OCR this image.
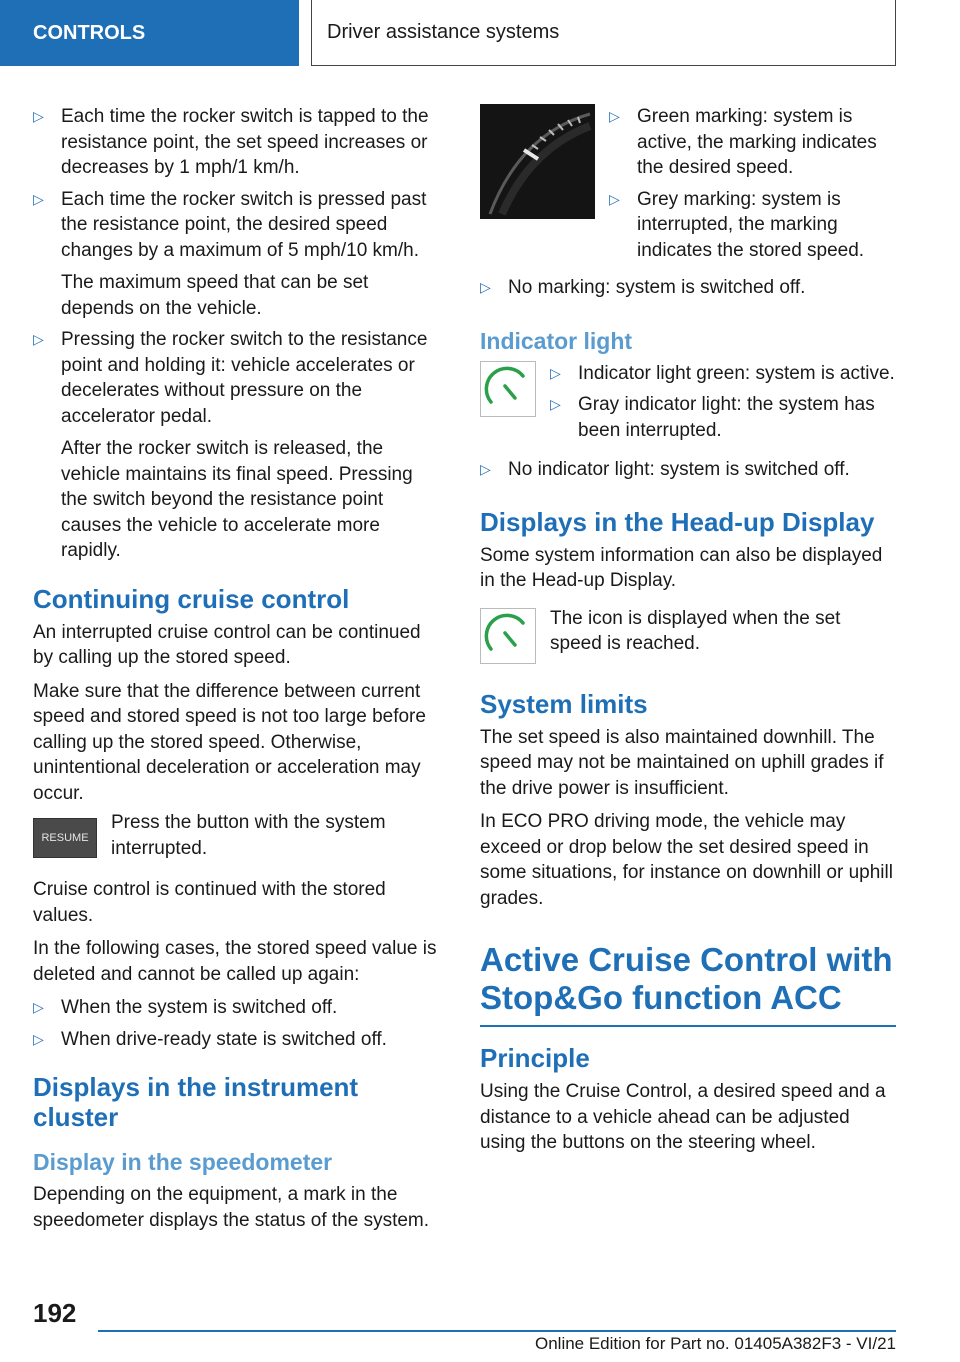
CONTROLS	Driver assistance systems
▷ Each time the rocker switch is tapped to the resistance point, the set speed increases or decreases by 1 mph/1 km/h.
▷ Each time the rocker switch is pressed past the resistance point, the desired speed changes by a maximum of 5 mph/10 km/h.

The maximum speed that can be set depends on the vehicle.

▷ Pressing the rocker switch to the resistance point and holding it: vehicle accelerates or decelerates without pressure on the accelerator pedal.

After the rocker switch is released, the vehicle maintains its final speed. Pressing the switch beyond the resistance point causes the vehicle to accelerate more rapidly.

Continuing cruise control

An interrupted cruise control can be continued by calling up the stored speed.

Make sure that the difference between current speed and stored speed is not too large before calling up the stored speed. Otherwise, unintentional deceleration or acceleration may occur.

RESUME

Press the button with the system interrupted.

Cruise control is continued with the stored values.

In the following cases, the stored speed value is deleted and cannot be called up again:

▷ When the system is switched off.
▷ When drive-ready state is switched off.
Displays in the instrument cluster
Display in the speedometer

Depending on the equipment, a mark in the speedometer displays the status of the system.

▷ Green marking: system is active, the marking indicates the desired speed.
▷ Grey marking: system is interrupted, the marking indicates the stored speed.
▷ No marking: system is switched off.
Indicator light
▷ Indicator light green: system is active.
▷ Gray indicator light: the system has been interrupted.
▷ No indicator light: system is switched off.
Displays in the Head-up Display

Some system information can also be displayed in the Head-up Display.

The icon is displayed when the set speed is reached.

System limits

The set speed is also maintained downhill. The speed may not be maintained on uphill grades if the drive power is insufficient.

In ECO PRO driving mode, the vehicle may exceed or drop below the set desired speed in some situations, for instance on downhill or uphill grades.

Active Cruise Control with Stop&Go function ACC
Principle

Using the Cruise Control, a desired speed and a distance to a vehicle ahead can be adjusted using the buttons on the steering wheel.

192
Online Edition for Part no. 01405A382F3 - VI/21
